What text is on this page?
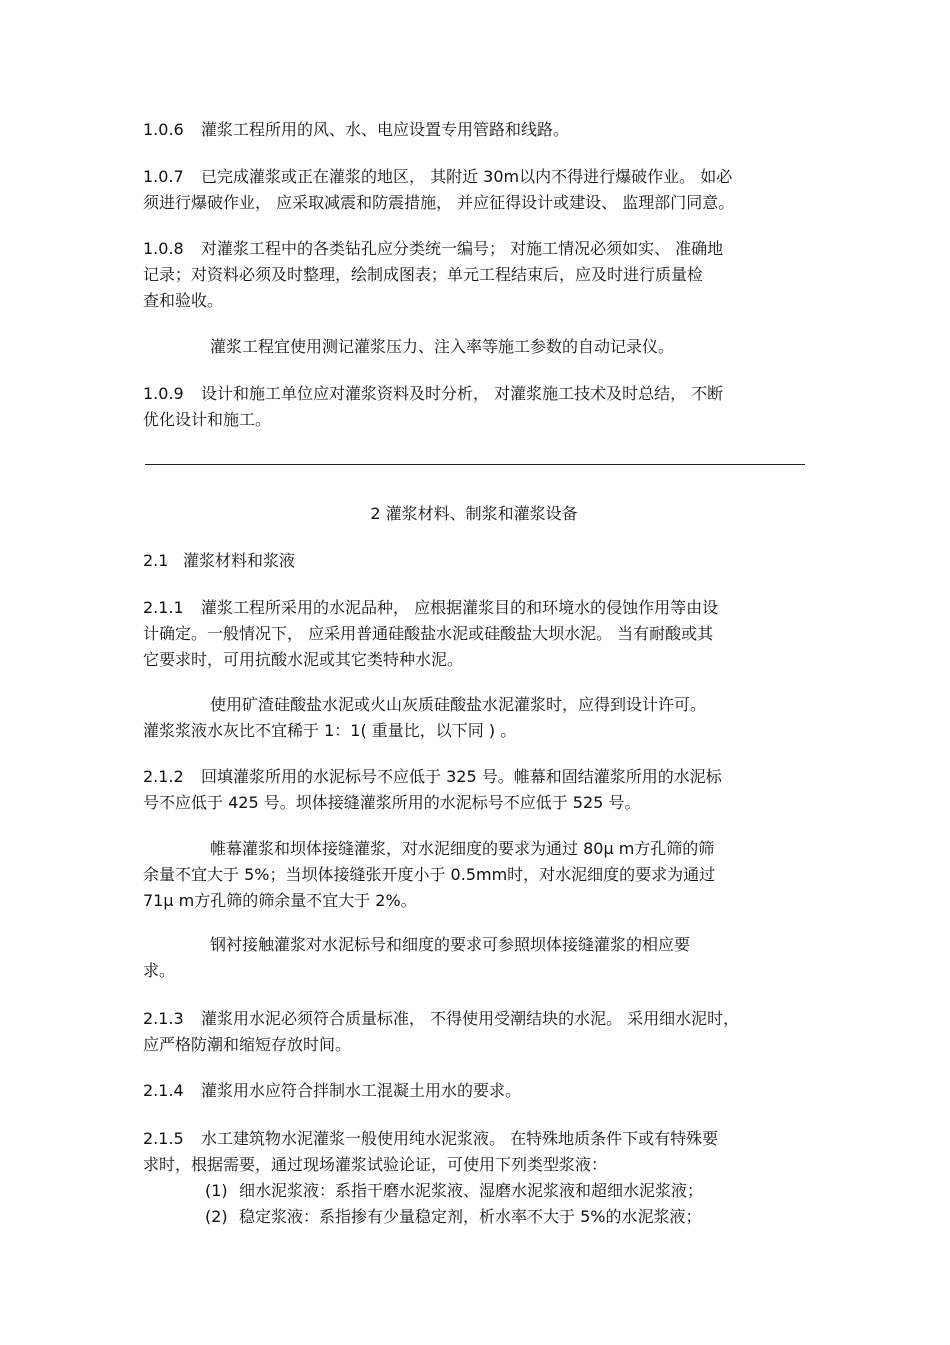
1.0.6 灌浆工程所用的风、水、电应设置专用管路和线路。
1.0.7 已完成灌浆或正在灌浆的地区， 其附近 30m以内不得进行爆破作业。 如必
须进行爆破作业， 应采取减震和防震措施， 并应征得设计或建设、 监理部门同意。
1.0.8 对灌浆工程中的各类钻孔应分类统一编号； 对施工情况必须如实、 准确地
记录；对资料必须及时整理，绘制成图表；单元工程结束后，应及时进行质量检
查和验收。
灌浆工程宜使用测记灌浆压力、注入率等施工参数的自动记录仪。
1.0.9 设计和施工单位应对灌浆资料及时分析， 对灌浆施工技术及时总结， 不断
优化设计和施工。
2 灌浆材料、制浆和灌浆设备
2.1 灌浆材料和浆液
2.1.1 灌浆工程所采用的水泥品种， 应根据灌浆目的和环境水的侵蚀作用等由设
计确定。一般情况下， 应采用普通硅酸盐水泥或硅酸盐大坝水泥。 当有耐酸或其
它要求时，可用抗酸水泥或其它类特种水泥。
使用矿渣硅酸盐水泥或火山灰质硅酸盐水泥灌浆时，应得到设计许可。
灌浆浆液水灰比不宜稀于 1：1( 重量比，以下同 ) 。
2.1.2 回填灌浆所用的水泥标号不应低于 325 号。帷幕和固结灌浆所用的水泥标
号不应低于 425 号。坝体接缝灌浆所用的水泥标号不应低于 525 号。
帷幕灌浆和坝体接缝灌浆，对水泥细度的要求为通过 80μ m方孔筛的筛
余量不宜大于 5%；当坝体接缝张开度小于 0.5mm时，对水泥细度的要求为通过
71μ m方孔筛的筛余量不宜大于 2%。
钢衬接触灌浆对水泥标号和细度的要求可参照坝体接缝灌浆的相应要
求。
2.1.3 灌浆用水泥必须符合质量标准， 不得使用受潮结块的水泥。 采用细水泥时，
应严格防潮和缩短存放时间。
2.1.4 灌浆用水应符合拌制水工混凝土用水的要求。
2.1.5 水工建筑物水泥灌浆一般使用纯水泥浆液。 在特殊地质条件下或有特殊要
求时，根据需要，通过现场灌浆试验论证，可使用下列类型浆液：
(1) 细水泥浆液：系指干磨水泥浆液、湿磨水泥浆液和超细水泥浆液；
(2) 稳定浆液：系指掺有少量稳定剂，析水率不大于 5%的水泥浆液；
